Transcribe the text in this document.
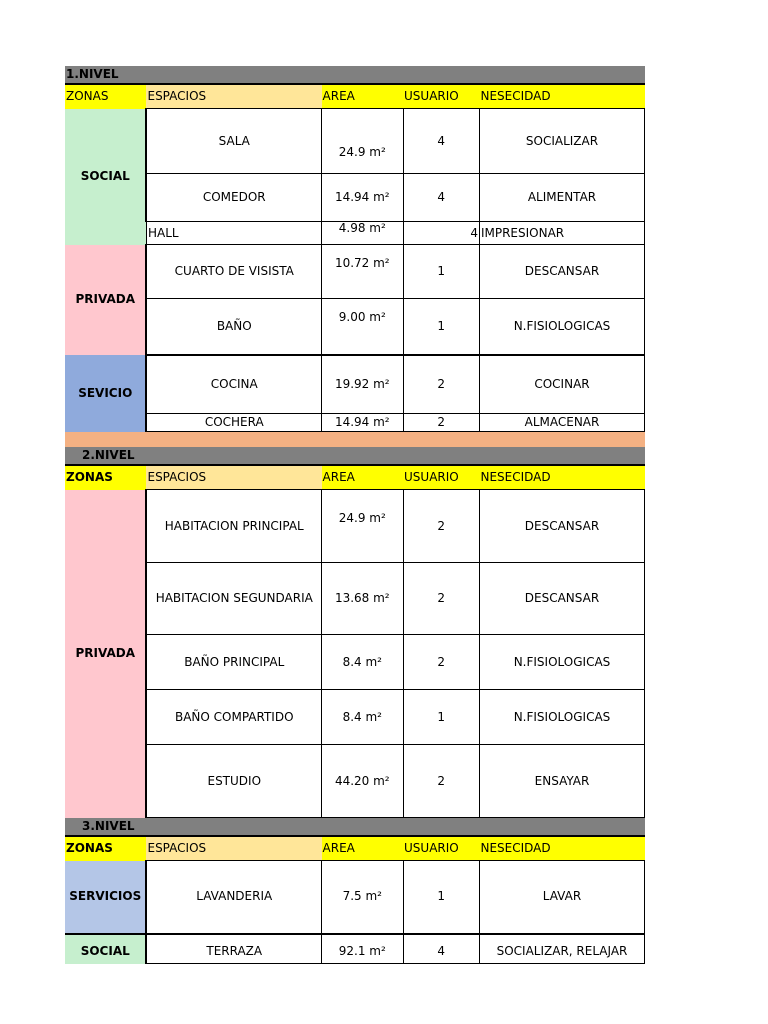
1.NIVEL				
ZONAS	ESPACIOS	AREA	USUARIO	NESECIDAD
SOCIAL	SALA	24.9 m²	4	SOCIALIZAR
	COMEDOR	14.94 m²	4	ALIMENTAR
	HALL	4.98 m²	4	IMPRESIONAR
PRIVADA	CUARTO DE VISISTA	10.72 m²	1	DESCANSAR
	BAÑO	9.00 m²	1	N.FISIOLOGICAS
SEVICIO	COCINA	19.92 m²	2	COCINAR
	COCHERA	14.94 m²	2	ALMACENAR

2.NIVEL				
ZONAS	ESPACIOS	AREA	USUARIO	NESECIDAD
PRIVADA	HABITACION PRINCIPAL	24.9 m²	2	DESCANSAR
	HABITACION SEGUNDARIA	13.68 m²	2	DESCANSAR
	BAÑO PRINCIPAL	8.4 m²	2	N.FISIOLOGICAS
	BAÑO COMPARTIDO	8.4 m²	1	N.FISIOLOGICAS
	ESTUDIO	44.20 m²	2	ENSAYAR
3.NIVEL				
ZONAS	ESPACIOS	AREA	USUARIO	NESECIDAD
SERVICIOS	LAVANDERIA	7.5 m²	1	LAVAR
SOCIAL	TERRAZA	92.1 m²	4	SOCIALIZAR, RELAJAR
